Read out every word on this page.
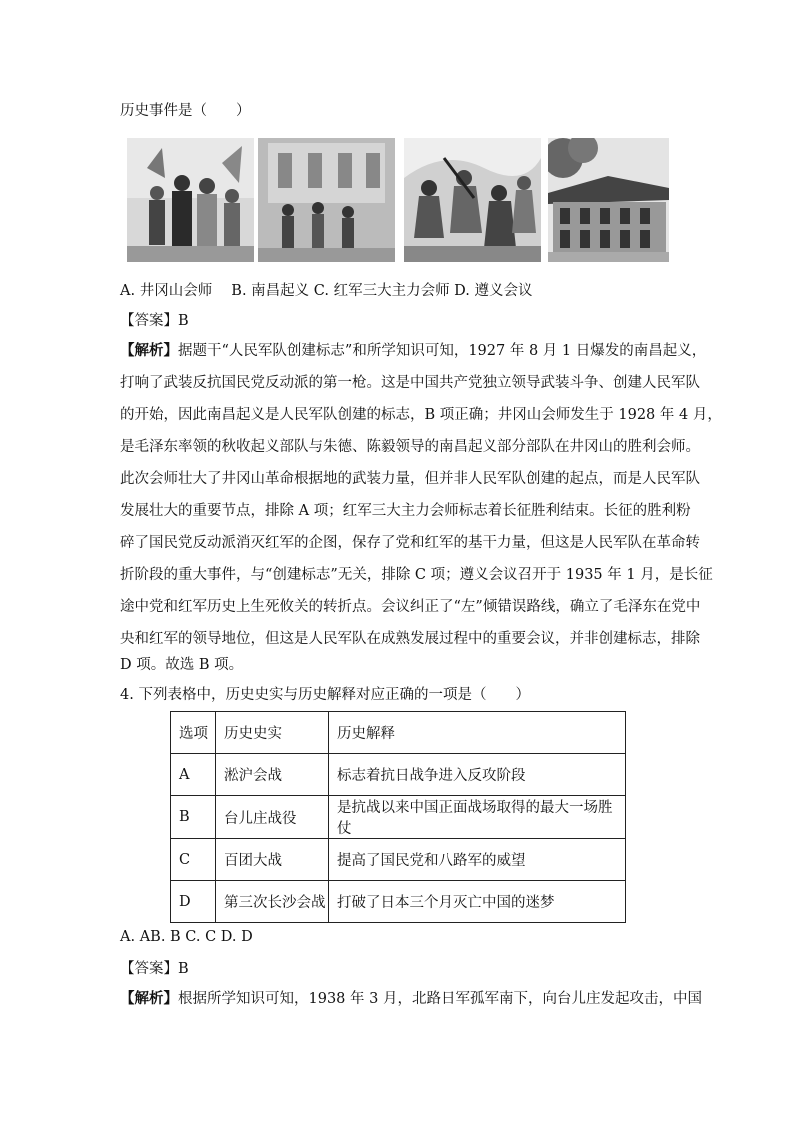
历史事件是（　　）
A. 井冈山会师　 B. 南昌起义 C. 红军三大主力会师 D. 遵义会议
【答案】B
【解析】据题干“人民军队创建标志”和所学知识可知，1927 年 8 月 1 日爆发的南昌起义，
打响了武装反抗国民党反动派的第一枪。这是中国共产党独立领导武装斗争、创建人民军队
的开始，因此南昌起义是人民军队创建的标志，B 项正确；井冈山会师发生于 1928 年 4 月，
是毛泽东率领的秋收起义部队与朱德、陈毅领导的南昌起义部分部队在井冈山的胜利会师。
此次会师壮大了井冈山革命根据地的武装力量，但并非人民军队创建的起点，而是人民军队
发展壮大的重要节点，排除 A 项；红军三大主力会师标志着长征胜利结束。长征的胜利粉
碎了国民党反动派消灭红军的企图，保存了党和红军的基干力量，但这是人民军队在革命转
折阶段的重大事件，与“创建标志”无关，排除 C 项；遵义会议召开于 1935 年 1 月，是长征
途中党和红军历史上生死攸关的转折点。会议纠正了“左”倾错误路线，确立了毛泽东在党中
央和红军的领导地位，但这是人民军队在成熟发展过程中的重要会议，并非创建标志，排除
D 项。故选 B 项。
4. 下列表格中，历史史实与历史解释对应正确的一项是（　　）
选项	历史史实	历史解释
A	淞沪会战	标志着抗日战争进入反攻阶段
B	台儿庄战役	是抗战以来中国正面战场取得的最大一场胜仗
C	百团大战	提高了国民党和八路军的威望
D	第三次长沙会战	打破了日本三个月灭亡中国的迷梦
A. AB. B C. C D. D
【答案】B
【解析】根据所学知识可知，1938 年 3 月，北路日军孤军南下，向台儿庄发起攻击，中国
